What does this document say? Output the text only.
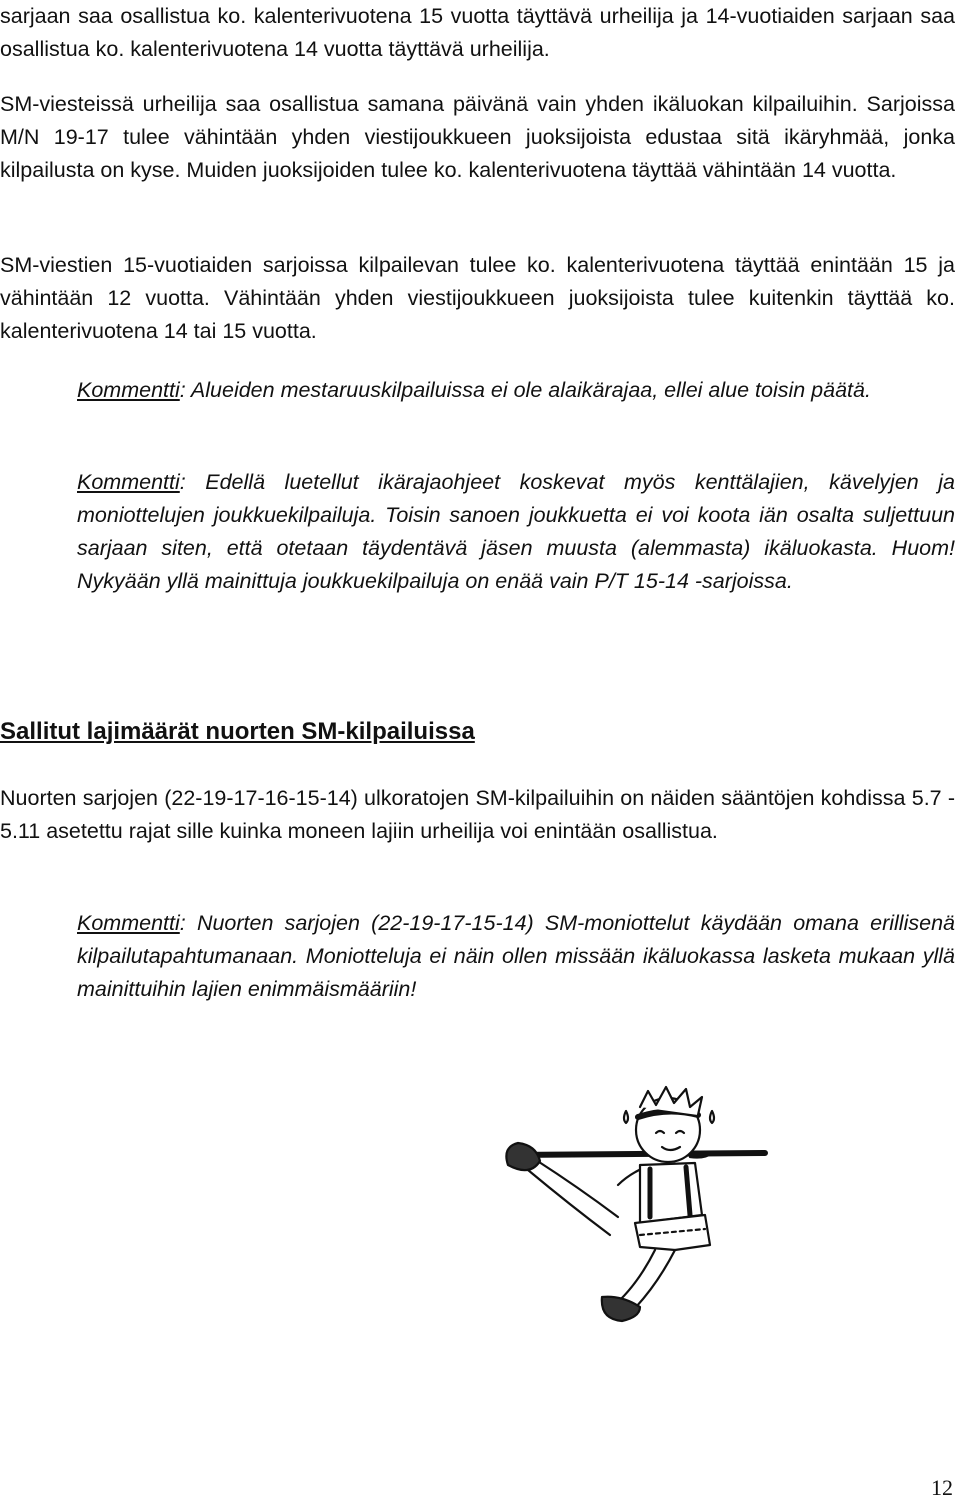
sarjaan saa osallistua ko. kalenterivuotena 15 vuotta täyttävä urheilija ja 14-vuotiaiden sarjaan saa osallistua ko. kalenterivuotena 14 vuotta täyttävä urheilija.

SM-viesteissä urheilija saa osallistua samana päivänä vain yhden ikäluokan kilpailuihin. Sarjoissa M/N 19-17 tulee vähintään yhden viestijoukkueen juoksijoista edustaa sitä ikäryhmää, jonka kilpailusta on kyse. Muiden juoksijoiden tulee ko. kalenterivuotena täyttää vähintään 14 vuotta.

SM-viestien 15-vuotiaiden sarjoissa kilpailevan tulee ko. kalenterivuotena täyttää enintään 15 ja vähintään 12 vuotta. Vähintään yhden viestijoukkueen juoksijoista tulee kuitenkin täyttää ko. kalenterivuotena 14 tai 15 vuotta.

Kommentti: Alueiden mestaruuskilpailuissa ei ole alaikärajaa, ellei alue toisin päätä.

Kommentti: Edellä luetellut ikärajaohjeet koskevat myös kenttälajien, kävelyjen ja moniottelujen joukkuekilpailuja. Toisin sanoen joukkuetta ei voi koota iän osalta suljettuun sarjaan siten, että otetaan täydentävä jäsen muusta (alemmasta) ikäluokasta. Huom! Nykyään yllä mainittuja joukkuekilpailuja on enää vain P/T 15-14 -sarjoissa.

Sallitut lajimäärät nuorten SM-kilpailuissa

Nuorten sarjojen (22-19-17-16-15-14) ulkoratojen SM-kilpailuihin on näiden sääntöjen kohdissa 5.7 - 5.11 asetettu rajat sille kuinka moneen lajiin urheilija voi enintään osallistua.

Kommentti: Nuorten sarjojen (22-19-17-15-14) SM-moniottelut käydään omana erillisenä kilpailutapahtumanaan. Moniotteluja ei näin ollen missään ikäluokassa lasketa mukaan yllä mainittuihin lajien enimmäismääriin!

12
